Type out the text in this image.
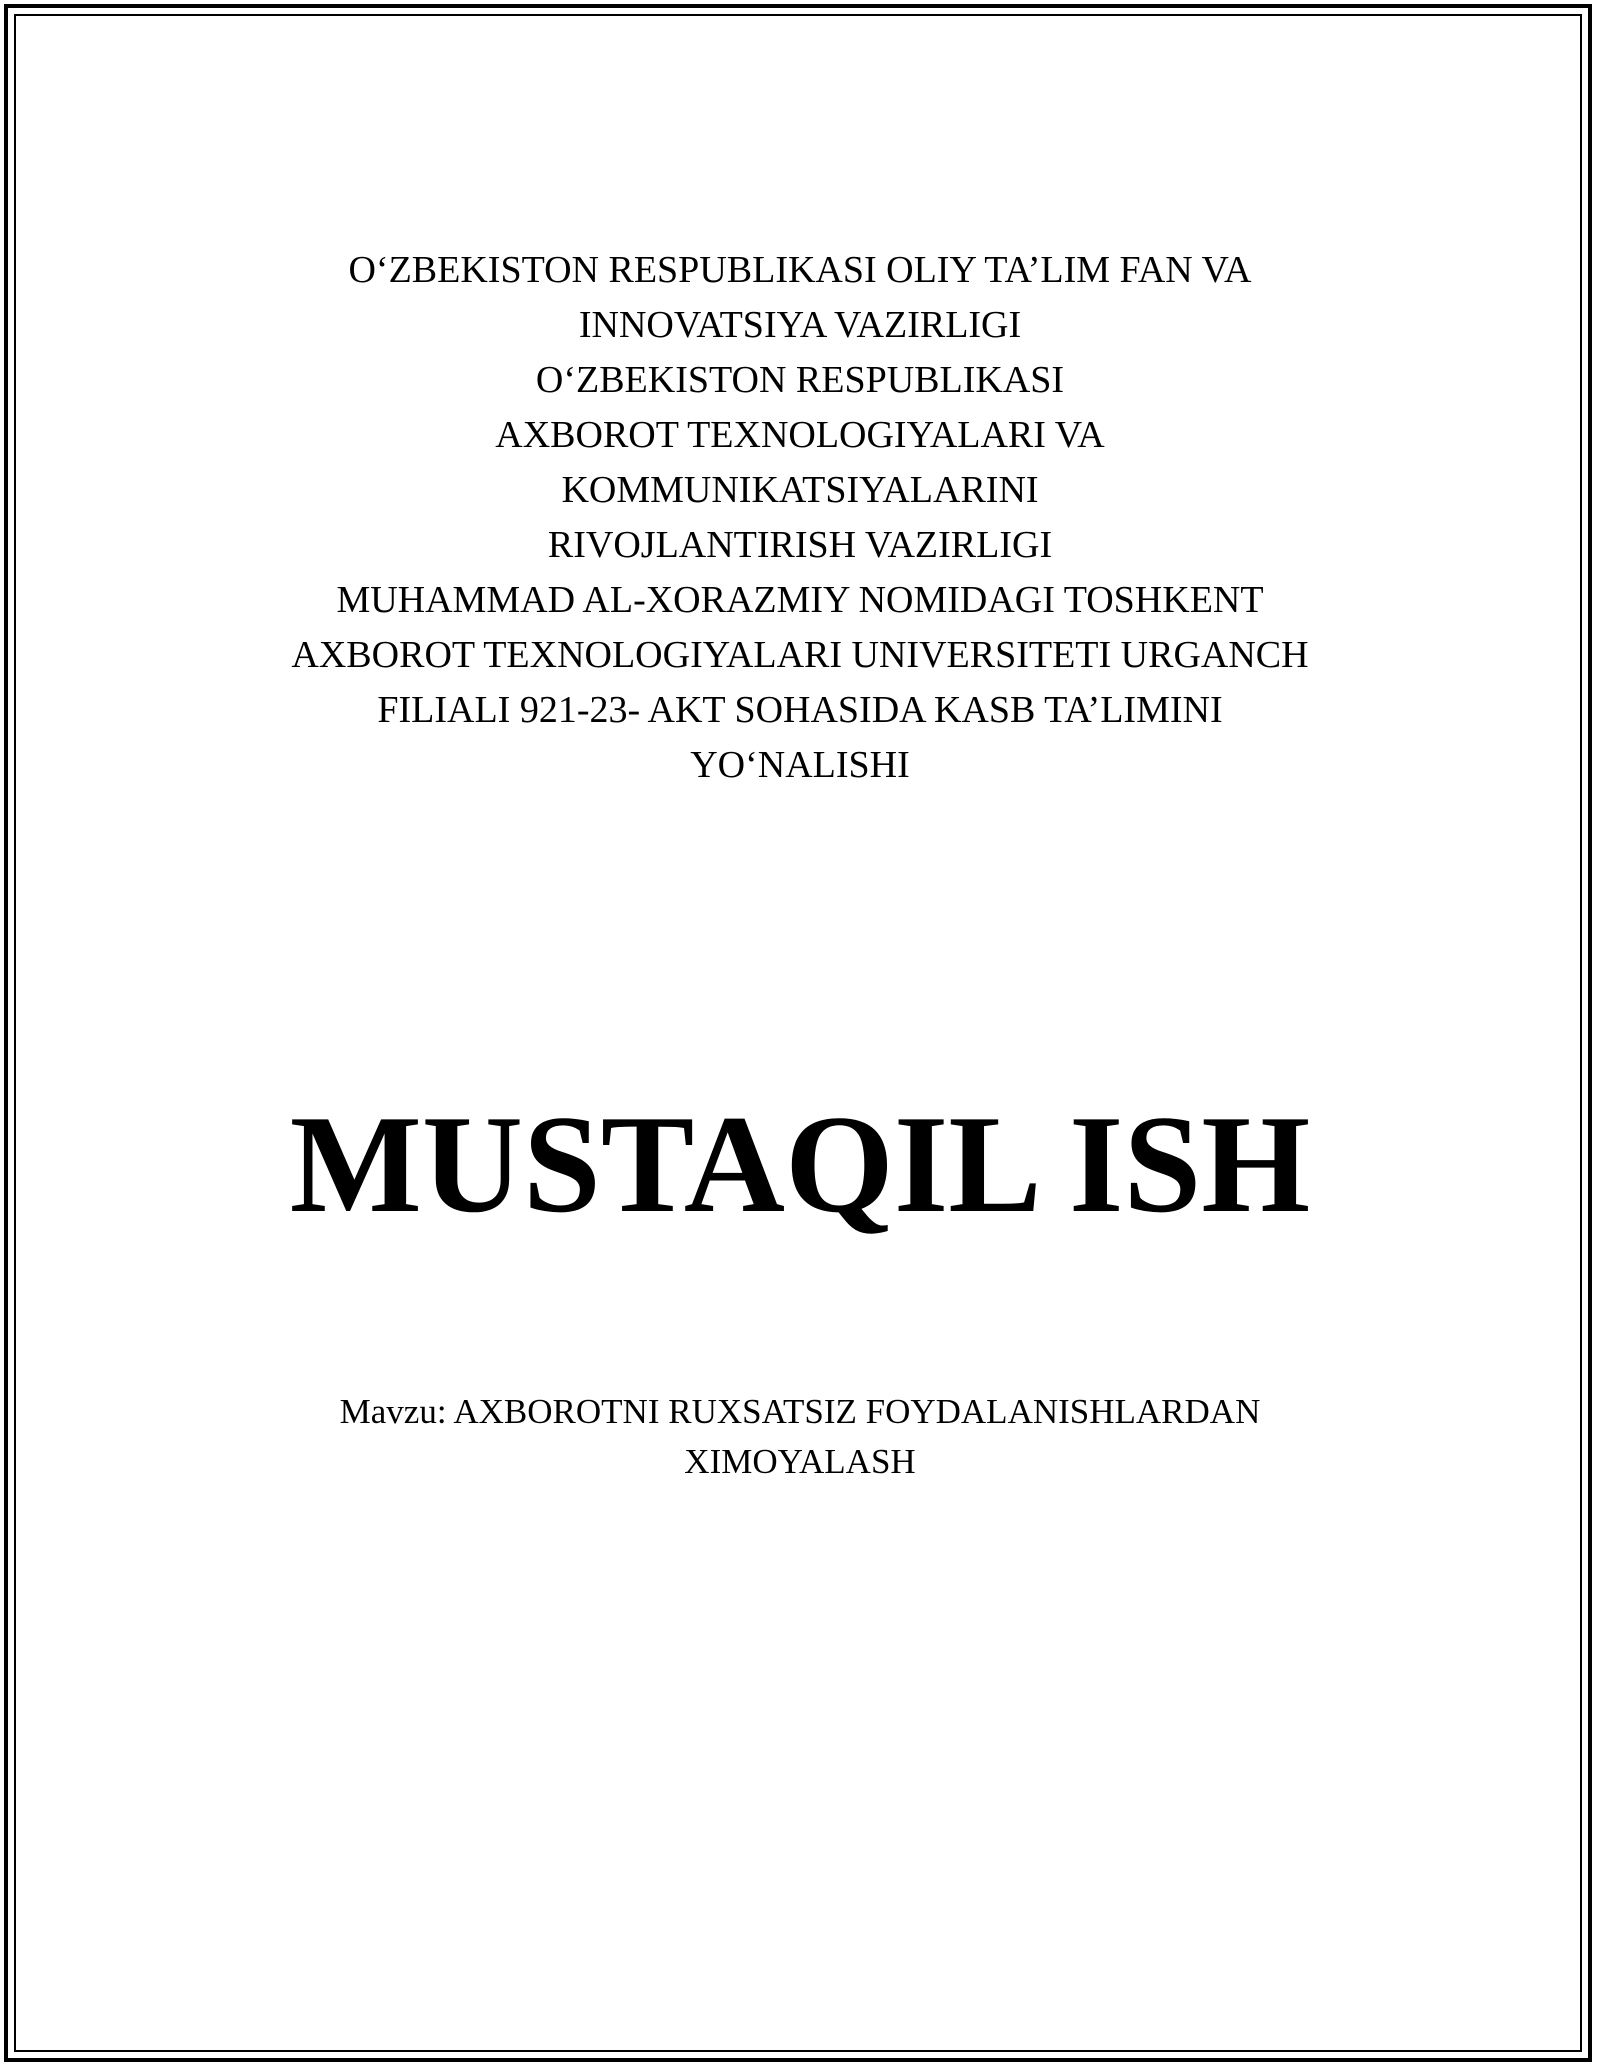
O‘ZBEKISTON RESPUBLIKASI OLIY TA’LIM FAN VA
INNOVATSIYA VAZIRLIGI
O‘ZBEKISTON RESPUBLIKASI
AXBOROT TEXNOLOGIYALARI VA
KOMMUNIKATSIYALARINI
RIVOJLANTIRISH VAZIRLIGI
MUHAMMAD AL-XORAZMIY NOMIDAGI TOSHKENT
AXBOROT TEXNOLOGIYALARI UNIVERSITETI URGANCH
FILIALI 921-23- AKT SOHASIDA KASB TA’LIMINI
YO‘NALISHI
MUSTAQIL ISH
Mavzu: AXBOROTNI RUXSATSIZ FOYDALANISHLARDAN
XIMOYALASH
